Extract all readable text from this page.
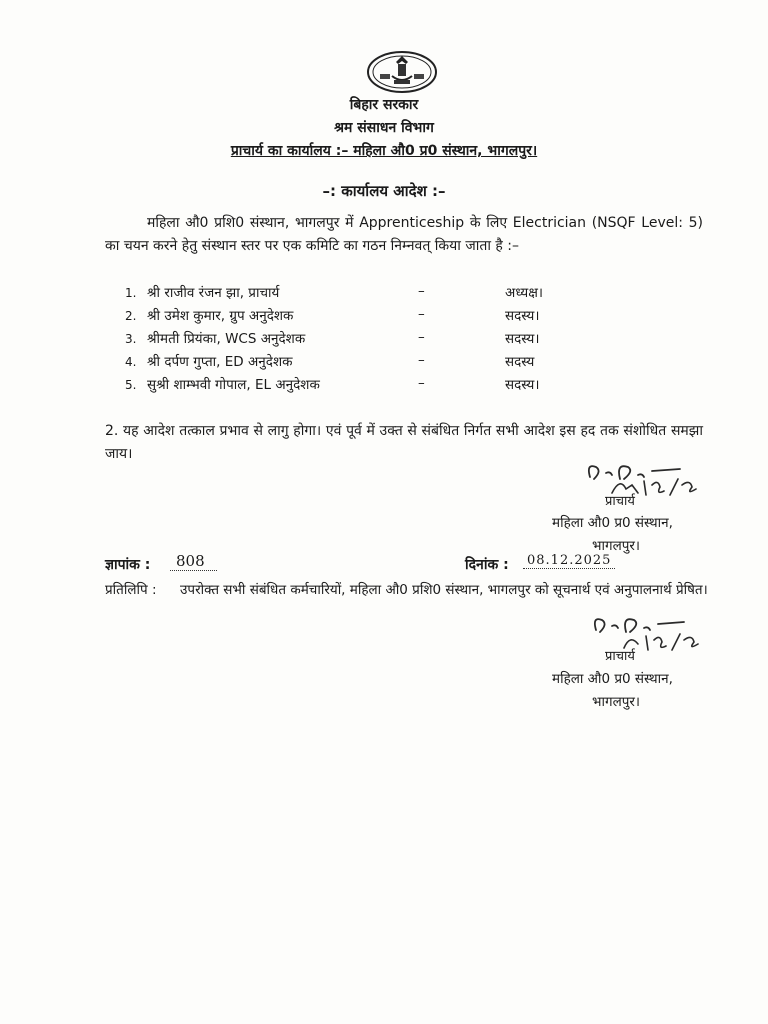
बिहार सरकार
श्रम संसाधन विभाग
प्राचार्य का कार्यालय :– महिला औ0 प्र0 संस्थान, भागलपुर।
–: कार्यालय आदेश :–
महिला औ0 प्रशि0 संस्थान, भागलपुर में Apprenticeship के लिए Electrician (NSQF Level: 5) का चयन करने हेतु संस्थान स्तर पर एक कमिटि का गठन निम्नवत् किया जाता है :–
1. श्री राजीव रंजन झा, प्राचार्य	–	अध्यक्ष।
2. श्री उमेश कुमार, ग्रुप अनुदेशक	–	सदस्य।
3. श्रीमती प्रियंका, WCS अनुदेशक	–	सदस्य।
4. श्री दर्पण गुप्ता, ED अनुदेशक	–	सदस्य
5. सुश्री शाम्भवी गोपाल, EL अनुदेशक	–	सदस्य।
2. यह आदेश तत्काल प्रभाव से लागु होगा। एवं पूर्व में उक्त से संबंधित निर्गत सभी आदेश इस हद तक संशोधित समझा जाय।
प्राचार्य
महिला औ0 प्र0 संस्थान,
भागलपुर।
ज्ञापांक :	808	दिनांक :	08.12.2025
प्रतिलिपि : उपरोक्त सभी संबंधित कर्मचारियों, महिला औ0 प्रशि0 संस्थान, भागलपुर को सूचनार्थ एवं अनुपालनार्थ प्रेषित।
प्राचार्य
महिला औ0 प्र0 संस्थान,
भागलपुर।
